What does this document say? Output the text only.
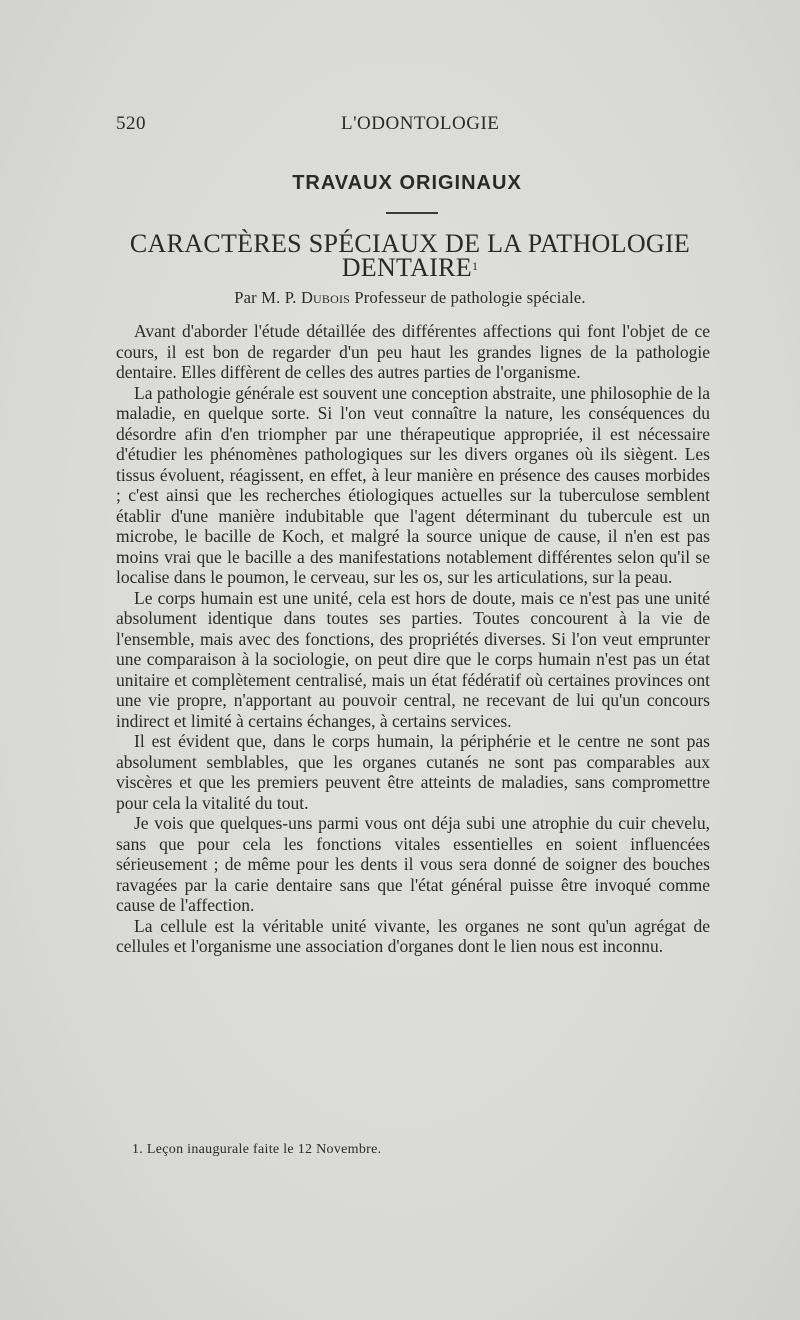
520	L'ODONTOLOGIE
TRAVAUX ORIGINAUX
CARACTÈRES SPÉCIAUX DE LA PATHOLOGIE
DENTAIRE$^1$
Par M. P. Dubois Professeur de pathologie spéciale.

Avant d'aborder l'étude détaillée des différentes affections qui font l'objet de ce cours, il est bon de regarder d'un peu haut les grandes lignes de la pathologie dentaire. Elles diffèrent de celles des autres parties de l'organisme.

La pathologie générale est souvent une conception abstraite, une philosophie de la maladie, en quelque sorte. Si l'on veut connaître la nature, les conséquences du désordre afin d'en triompher par une thérapeutique appropriée, il est nécessaire d'étudier les phénomènes pathologiques sur les divers organes où ils siègent. Les tissus évoluent, réagissent, en effet, à leur manière en présence des causes morbides ; c'est ainsi que les recherches étiologiques actuelles sur la tuberculose semblent établir d'une manière indubitable que l'agent déterminant du tubercule est un microbe, le bacille de Koch, et malgré la source unique de cause, il n'en est pas moins vrai que le bacille a des manifestations notablement différentes selon qu'il se localise dans le poumon, le cerveau, sur les os, sur les articulations, sur la peau.

Le corps humain est une unité, cela est hors de doute, mais ce n'est pas une unité absolument identique dans toutes ses parties. Toutes concourent à la vie de l'ensemble, mais avec des fonctions, des propriétés diverses. Si l'on veut emprunter une comparaison à la sociologie, on peut dire que le corps humain n'est pas un état unitaire et complètement centralisé, mais un état fédératif où certaines provinces ont une vie propre, n'apportant au pouvoir central, ne recevant de lui qu'un concours indirect et limité à certains échanges, à certains services.

Il est évident que, dans le corps humain, la périphérie et le centre ne sont pas absolument semblables, que les organes cutanés ne sont pas comparables aux viscères et que les premiers peuvent être atteints de maladies, sans compromettre pour cela la vitalité du tout.

Je vois que quelques-uns parmi vous ont déja subi une atrophie du cuir chevelu, sans que pour cela les fonctions vitales essentielles en soient influencées sérieusement ; de même pour les dents il vous sera donné de soigner des bouches ravagées par la carie dentaire sans que l'état général puisse être invoqué comme cause de l'affection.

La cellule est la véritable unité vivante, les organes ne sont qu'un agrégat de cellules et l'organisme une association d'organes dont le lien nous est inconnu.

1. Leçon inaugurale faite le 12 Novembre.
